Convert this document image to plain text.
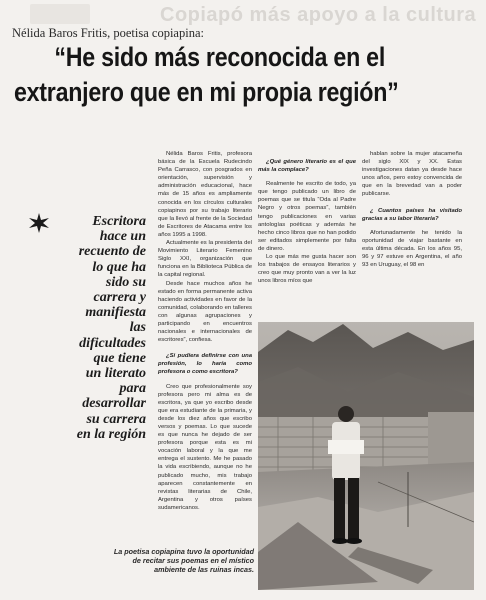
Copiapó más apoyo a la cultura
Nélida Baros Fritis, poetisa copiapina:
“He sido más reconocida en el
extranjero que en mi propia región”
Escritora
hace un
recuento de
lo que ha
sido su
carrera y
manifiesta
las
dificultades
que tiene
un literato
para
desarrollar
su carrera
en la región

Nélida Baros Fritis, profesora básica de la Escuela Rudecindo Peña Carrasco, con posgrados en orientación, supervisión y administración educacional, hace más de 15 años es ampliamente conocida en los círculos culturales copiapinos por su trabajo literario que la llevó al frente de la Sociedad de Escritores de Atacama entre los años 1995 a 1998.

Actualmente es la presidenta del Movimiento Literario Femenino Siglo XXI, organización que funciona en la Biblioteca Pública de la capital regional.

Desde hace muchos años he estado en forma permanente activa haciendo actividades en favor de la comunidad, colaborando en talleres con algunas agrupaciones y participando en encuentros nacionales e internacionales de escritores”, confiesa.

¿Si pudiera definirse con una profesión, lo haría como profesora o como escritora?

Creo que profesionalmente soy profesora pero mi alma es de escritora, ya que yo escribo desde que era estudiante de la primaria, y desde los diez años que escribo versos y poemas. Lo que sucede es que nunca he dejado de ser profesora porque esta es mi vocación laboral y la que me entrega el sustento. Me he pasado la vida escribiendo, aunque no he publicado mucho, mis trabajo aparecen constantemente en revistas literarias de Chile, Argentina y otros países sudamericanos.

¿Qué género literario es el que más la complace?

Realmente he escrito de todo, ya que tengo publicado un libro de poemas que se titula “Oda al Padre Negro y otros poemas”, también tengo publicaciones en varias antologías poéticas y además he hecho cinco libros que no han podido ser editados simplemente por falta de dinero.

Lo que más me gusta hacer son los trabajos de ensayos literarios y creo que muy pronto van a ver la luz unos libros míos que

hablan sobre la mujer atacameña del siglo XIX y XX. Estas investigaciones datan ya desde hace unos años, pero estoy convencida de que en la brevedad van a poder publicarse.

¿ Cuantos países ha visitado gracias a su labor literaria?

Afortunadamente he tenido la oportunidad de viajar bastante en esta última década. En los años 95, 96 y 97 estuve en Argentina, el año 93 en Uruguay, el 98 en

La poetisa copiapina tuvo la oportunidad de recitar sus poemas en el místico ambiente de las ruinas incas.
